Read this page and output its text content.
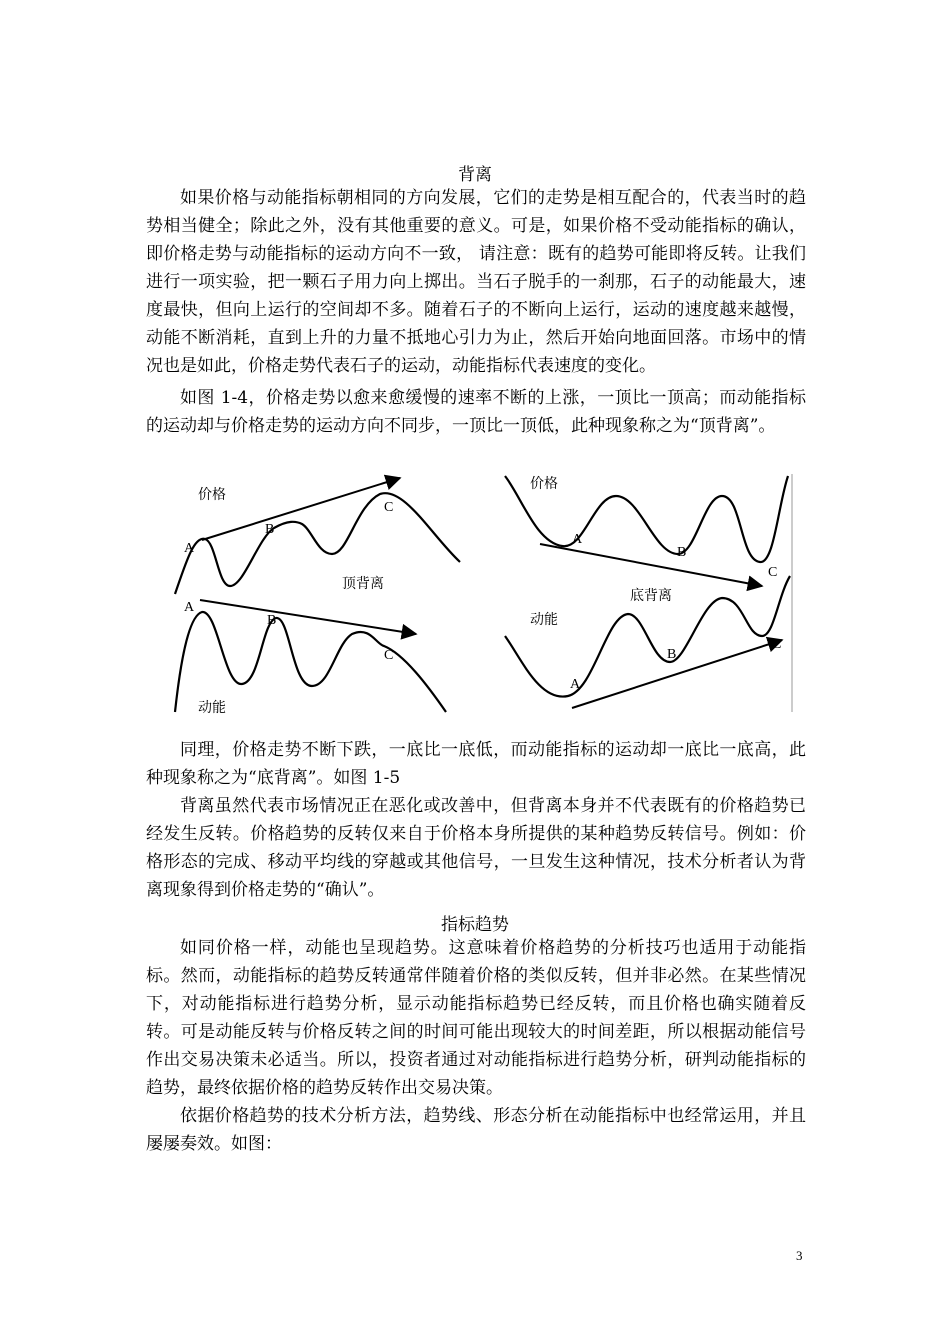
背离

如果价格与动能指标朝相同的方向发展，它们的走势是相互配合的，代表当时的趋势相当健全；除此之外，没有其他重要的意义。可是，如果价格不受动能指标的确认，即价格走势与动能指标的运动方向不一致， 请注意：既有的趋势可能即将反转。让我们进行一项实验，把一颗石子用力向上掷出。当石子脱手的一刹那，石子的动能最大，速度最快，但向上运行的空间却不多。随着石子的不断向上运行，运动的速度越来越慢，动能不断消耗，直到上升的力量不抵地心引力为止，然后开始向地面回落。市场中的情况也是如此，价格走势代表石子的运动，动能指标代表速度的变化。

如图 1-4，价格走势以愈来愈缓慢的速率不断的上涨，一顶比一顶高；而动能指标的运动却与价格走势的运动方向不同步，一顶比一顶低，此种现象称之为“顶背离”。

价格
A
B
C
顶背离
A
B
C
动能
价格
A
B
C
底背离
动能
A
B
C

同理，价格走势不断下跌，一底比一底低，而动能指标的运动却一底比一底高，此种现象称之为“底背离”。如图 1-5

背离虽然代表市场情况正在恶化或改善中，但背离本身并不代表既有的价格趋势已经发生反转。价格趋势的反转仅来自于价格本身所提供的某种趋势反转信号。例如：价格形态的完成、移动平均线的穿越或其他信号，一旦发生这种情况，技术分析者认为背离现象得到价格走势的“确认”。

指标趋势

如同价格一样，动能也呈现趋势。这意味着价格趋势的分析技巧也适用于动能指标。然而，动能指标的趋势反转通常伴随着价格的类似反转，但并非必然。在某些情况下，对动能指标进行趋势分析，显示动能指标趋势已经反转，而且价格也确实随着反转。可是动能反转与价格反转之间的时间可能出现较大的时间差距，所以根据动能信号作出交易决策未必适当。所以，投资者通过对动能指标进行趋势分析，研判动能指标的趋势，最终依据价格的趋势反转作出交易决策。

依据价格趋势的技术分析方法，趋势线、形态分析在动能指标中也经常运用，并且屡屡奏效。如图：

3
